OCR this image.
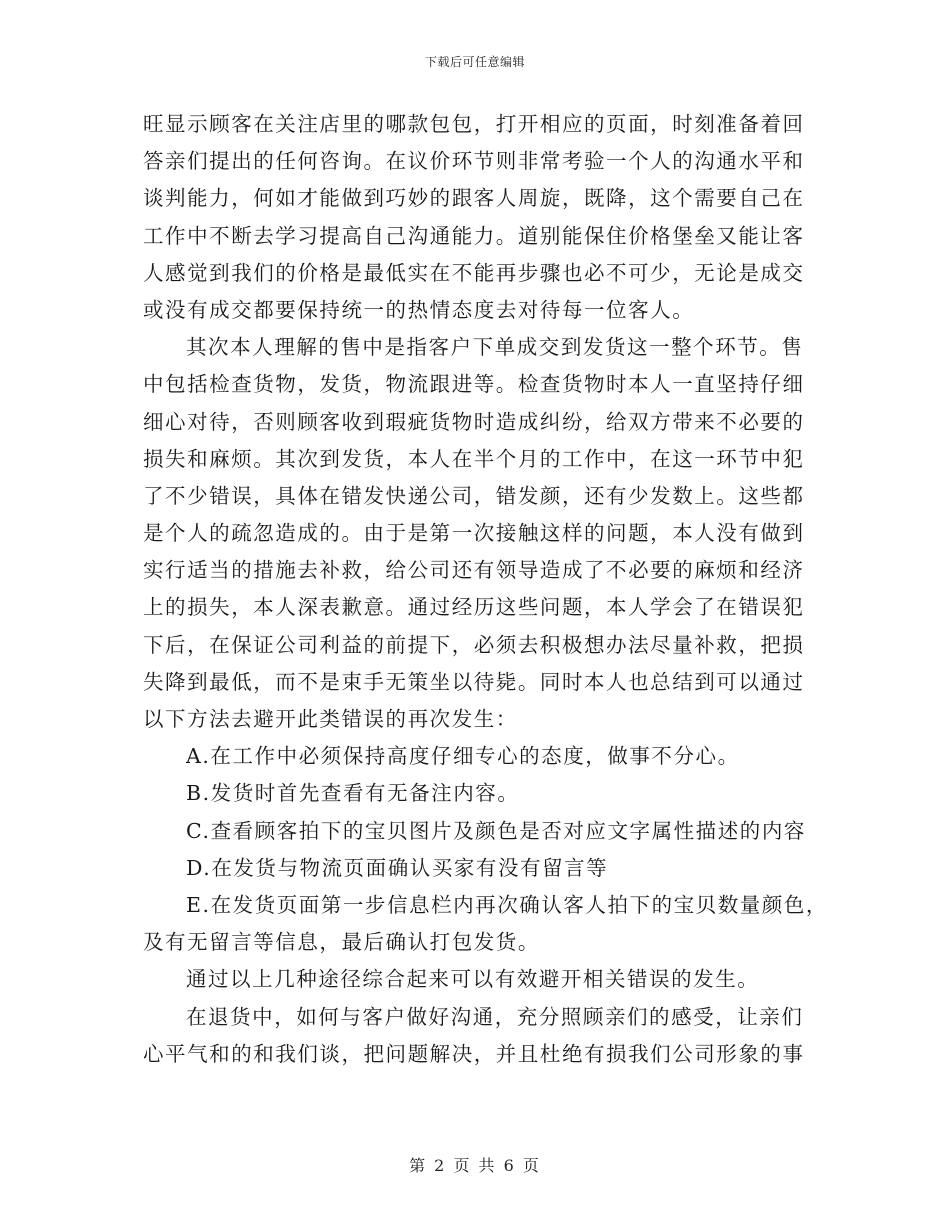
下载后可任意编辑
旺显示顾客在关注店里的哪款包包，打开相应的页面，时刻准备着回
答亲们提出的任何咨询。在议价环节则非常考验一个人的沟通水平和
谈判能力，何如才能做到巧妙的跟客人周旋，既降，这个需要自己在
工作中不断去学习提高自己沟通能力。道别能保住价格堡垒又能让客
人感觉到我们的价格是最低实在不能再步骤也必不可少，无论是成交
或没有成交都要保持统一的热情态度去对待每一位客人。
其次本人理解的售中是指客户下单成交到发货这一整个环节。售
中包括检查货物，发货，物流跟进等。检查货物时本人一直坚持仔细
细心对待，否则顾客收到瑕疵货物时造成纠纷，给双方带来不必要的
损失和麻烦。其次到发货，本人在半个月的工作中，在这一环节中犯
了不少错误，具体在错发快递公司，错发颜，还有少发数上。这些都
是个人的疏忽造成的。由于是第一次接触这样的问题，本人没有做到
实行适当的措施去补救，给公司还有领导造成了不必要的麻烦和经济
上的损失，本人深表歉意。通过经历这些问题，本人学会了在错误犯
下后，在保证公司利益的前提下，必须去积极想办法尽量补救，把损
失降到最低，而不是束手无策坐以待毙。同时本人也总结到可以通过
以下方法去避开此类错误的再次发生：
A.在工作中必须保持高度仔细专心的态度，做事不分心。
B.发货时首先查看有无备注内容。
C.查看顾客拍下的宝贝图片及颜色是否对应文字属性描述的内容
D.在发货与物流页面确认买家有没有留言等
E.在发货页面第一步信息栏内再次确认客人拍下的宝贝数量颜色，
及有无留言等信息，最后确认打包发货。
通过以上几种途径综合起来可以有效避开相关错误的发生。
在退货中，如何与客户做好沟通，充分照顾亲们的感受，让亲们
心平气和的和我们谈，把问题解决，并且杜绝有损我们公司形象的事
第 2 页 共 6 页
